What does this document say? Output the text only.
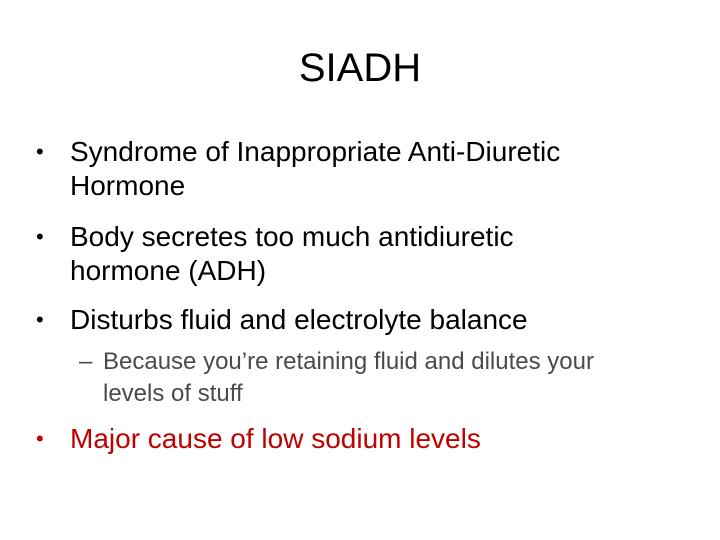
SIADH
• Syndrome of Inappropriate Anti-Diuretic
Hormone
• Body secretes too much antidiuretic
hormone (ADH)
• Disturbs fluid and electrolyte balance
– Because you’re retaining fluid and dilutes your
levels of stuff
• Major cause of low sodium levels
